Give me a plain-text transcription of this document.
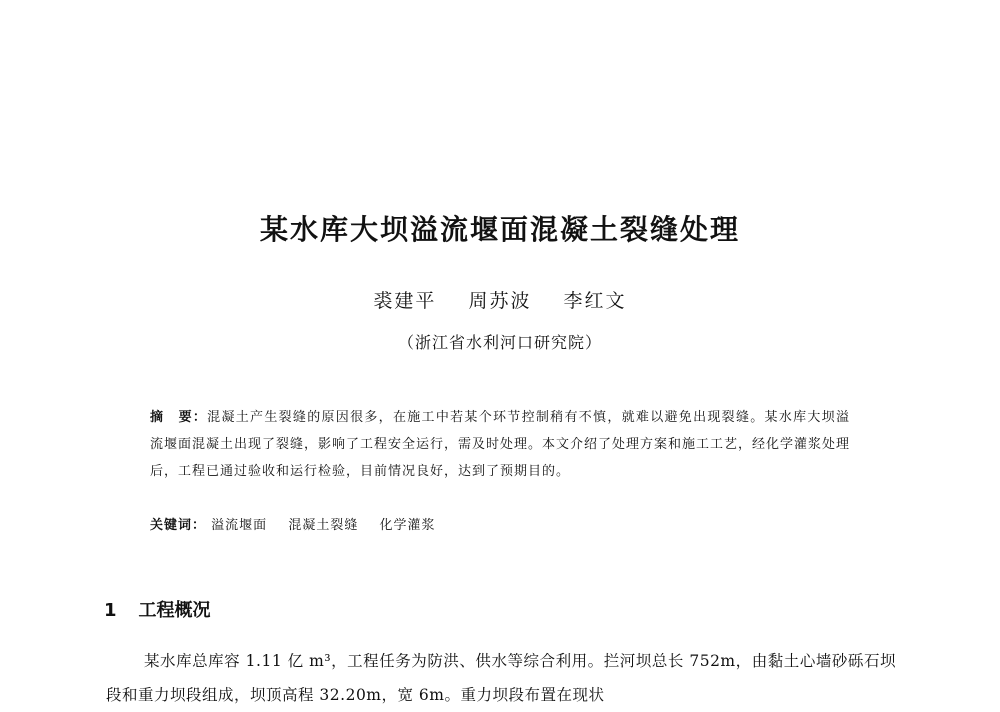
某水库大坝溢流堰面混凝土裂缝处理
裘建平 周苏波 李红文
（浙江省水利河口研究院）
摘　要：混凝土产生裂缝的原因很多，在施工中若某个环节控制稍有不慎，就难以避免出现裂缝。某水库大坝溢流堰面混凝土出现了裂缝，影响了工程安全运行，需及时处理。本文介绍了处理方案和施工工艺，经化学灌浆处理后，工程已通过验收和运行检验，目前情况良好，达到了预期目的。
关键词： 溢流堰面 混凝土裂缝 化学灌浆
1 工程概况
某水库总库容 1.11 亿 m³，工程任务为防洪、供水等综合利用。拦河坝总长 752m，由黏土心墙砂砾石坝段和重力坝段组成，坝顶高程 32.20m，宽 6m。重力坝段布置在现状
